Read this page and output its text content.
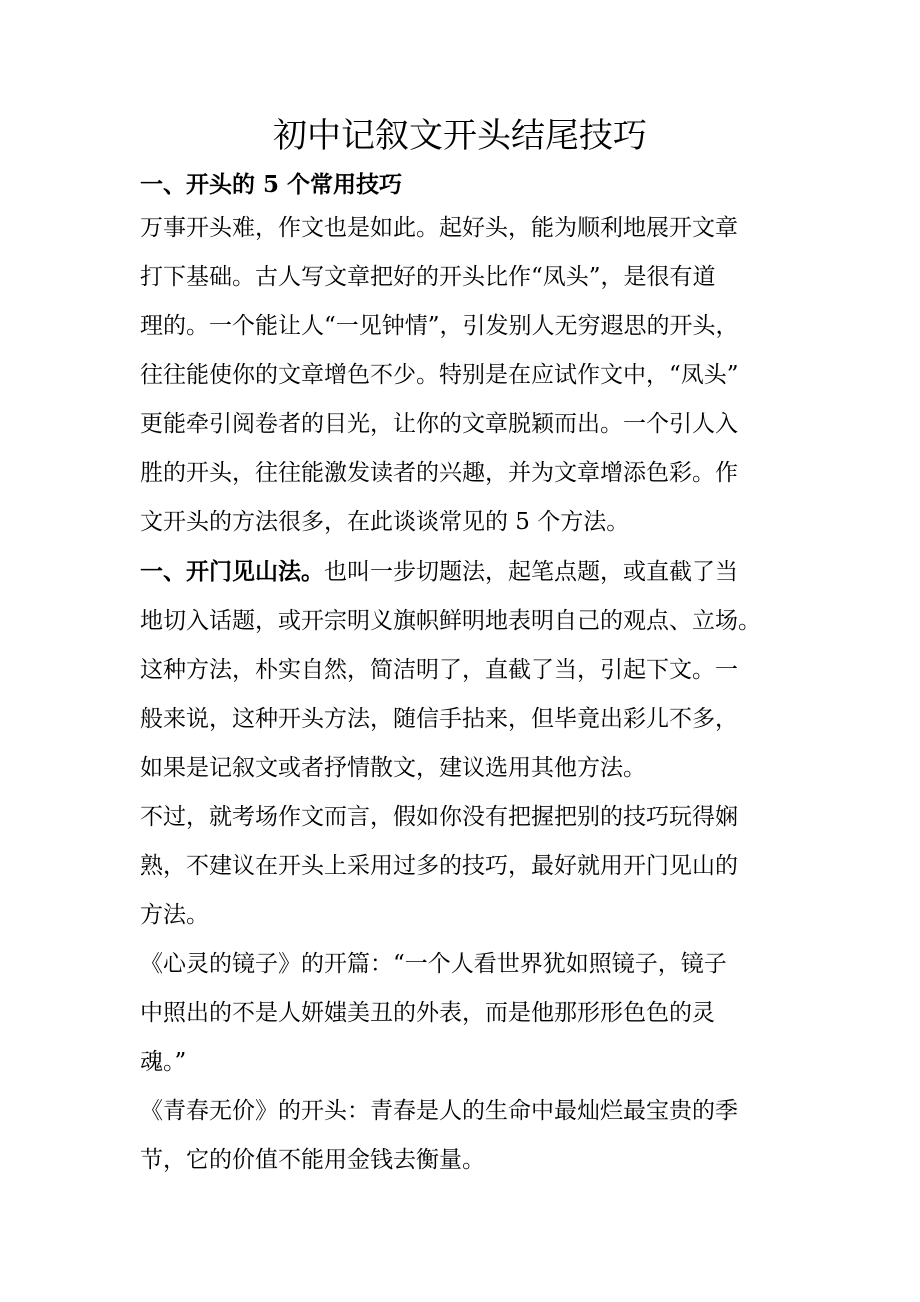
初中记叙文开头结尾技巧

一、开头的 5 个常用技巧

万事开头难，作文也是如此。起好头，能为顺利地展开文章
打下基础。古人写文章把好的开头比作“凤头”，是很有道
理的。一个能让人“一见钟情”，引发别人无穷遐思的开头，
往往能使你的文章增色不少。特别是在应试作文中，“凤头”
更能牵引阅卷者的目光，让你的文章脱颖而出。一个引人入
胜的开头，往往能激发读者的兴趣，并为文章增添色彩。作
文开头的方法很多，在此谈谈常见的 5 个方法。

一、开门见山法。也叫一步切题法，起笔点题，或直截了当
地切入话题，或开宗明义旗帜鲜明地表明自己的观点、立场。
这种方法，朴实自然，简洁明了，直截了当，引起下文。一
般来说，这种开头方法，随信手拈来，但毕竟出彩儿不多，
如果是记叙文或者抒情散文，建议选用其他方法。

不过，就考场作文而言，假如你没有把握把别的技巧玩得娴
熟，不建议在开头上采用过多的技巧，最好就用开门见山的
方法。

《心灵的镜子》的开篇：“一个人看世界犹如照镜子，镜子
中照出的不是人妍媸美丑的外表，而是他那形形色色的灵
魂。”

《青春无价》的开头：青春是人的生命中最灿烂最宝贵的季
节，它的价值不能用金钱去衡量。
